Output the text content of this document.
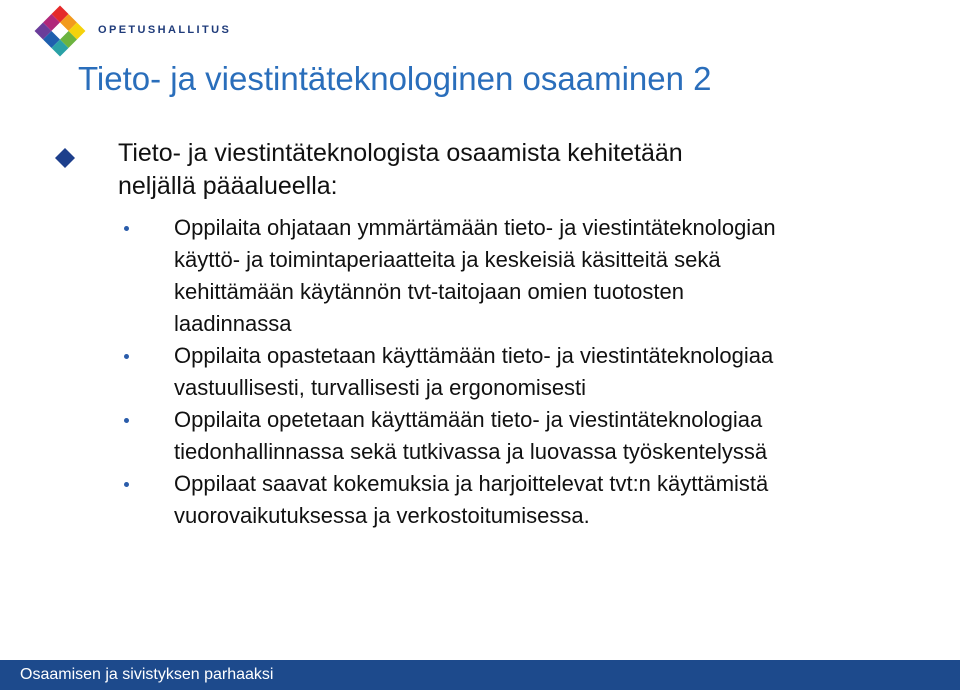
OPETUSHALLITUS
Tieto- ja viestintäteknologinen osaaminen 2
Tieto- ja viestintäteknologista osaamista kehitetään
neljällä pääalueella:
Oppilaita ohjataan ymmärtämään tieto- ja viestintäteknologian
käyttö- ja toimintaperiaatteita ja keskeisiä käsitteitä sekä
kehittämään käytännön tvt-taitojaan omien tuotosten
laadinnassa
Oppilaita opastetaan käyttämään tieto- ja viestintäteknologiaa
vastuullisesti, turvallisesti ja ergonomisesti
Oppilaita opetetaan käyttämään tieto- ja viestintäteknologiaa
tiedonhallinnassa sekä tutkivassa ja luovassa työskentelyssä
Oppilaat saavat kokemuksia ja harjoittelevat tvt:n käyttämistä
vuorovaikutuksessa ja verkostoitumisessa.
Osaamisen ja sivistyksen parhaaksi
